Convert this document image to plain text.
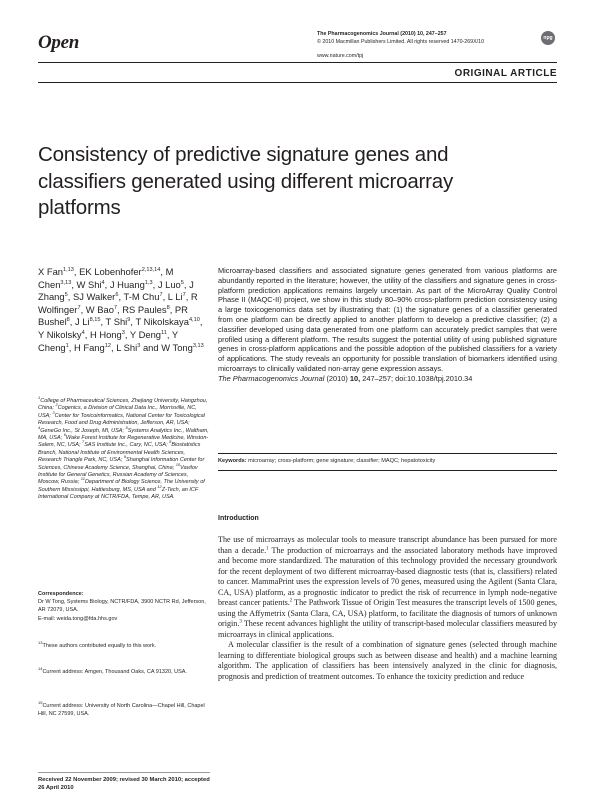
Open	The Pharmacogenomics Journal (2010) 10, 247–257
© 2010 Macmillan Publishers Limited. All rights reserved 1470-269X/10
www.nature.com/tpj
npg
ORIGINAL ARTICLE
Consistency of predictive signature genes and classifiers generated using different microarray platforms
X Fan$^{1,13}$, EK Lobenhofer$^{2,13,14}$, M Chen$^{3,13}$, W Shi$^4$, J Huang$^{1,3}$, J Luo$^5$, J Zhang$^5$, SJ Walker$^6$, T-M Chu$^7$, L Li$^7$, R Wolfinger$^7$, W Bao$^7$, RS Paules$^8$, PR Bushel$^8$, J Li$^{8,15}$, T Shi$^9$, T Nikolskaya$^{4,10}$, Y Nikolsky$^4$, H Hong$^3$, Y Deng$^{11}$, Y Cheng$^1$, H Fang$^{12}$, L Shi$^3$ and W Tong$^{3,13}$
$^1$College of Pharmaceutical Sciences, Zhejiang University, Hangzhou, China; $^2$Cogenics, a Division of Clinical Data Inc., Morrisville, NC, USA; $^3$Center for Toxicoinformatics, National Center for Toxicological Research, Food and Drug Administration, Jefferson, AR, USA; $^4$GeneGo Inc., St Joseph, MI, USA; $^5$Systems Analytics Inc., Waltham, MA, USA; $^6$Wake Forest Institute for Regenerative Medicine, Winston-Salem, NC, USA; $^7$SAS Institute Inc., Cary, NC, USA; $^8$Biostatistics Branch, National Institute of Environmental Health Sciences, Research Triangle Park, NC, USA; $^9$Shanghai Information Center for Sciences, Chinese Academy Science, Shanghai, China; $^{10}$Vavilov Institute for General Genetics, Russian Academy of Sciences, Moscow, Russia; $^{11}$Department of Biology Science, The University of Southern Mississippi, Hattiesburg, MS, USA and $^{12}$Z-Tech, an ICF International Company at NCTR/FDA, Tempe, AR, USA.
Correspondence:
Dr W Tong, Systems Biology, NCTR/FDA, 3900 NCTR Rd, Jefferson, AR 72079, USA.
E-mail: weida.tong@fda.hhs.gov
$^{13}$These authors contributed equally to this work.
$^{14}$Current address: Amgen, Thousand Oaks, CA 91320, USA.
$^{15}$Current address: University of North Carolina—Chapel Hill, Chapel Hill, NC 27599, USA.
Received 22 November 2009; revised 30 March 2010; accepted 26 April 2010
Microarray-based classifiers and associated signature genes generated from various platforms are abundantly reported in the literature; however, the utility of the classifiers and signature genes in cross-platform prediction applications remains largely uncertain. As part of the MicroArray Quality Control Phase II (MAQC-II) project, we show in this study 80–90% cross-platform prediction consistency using a large toxicogenomics data set by illustrating that: (1) the signature genes of a classifier generated from one platform can be directly applied to another platform to develop a predictive classifier; (2) a classifier developed using data generated from one platform can accurately predict samples that were profiled using a different platform. The results suggest the potential utility of using published signature genes in cross-platform applications and the possible adoption of the published classifiers for a variety of applications. The study reveals an opportunity for possible translation of biomarkers identified using microarrays to clinically validated non-array gene expression assays.
The Pharmacogenomics Journal (2010) 10, 247–257; doi:10.1038/tpj.2010.34
Keywords: microarray; cross-platform; gene signature; classifier; MAQC; hepatotoxicity
Introduction

The use of microarrays as molecular tools to measure transcript abundance has been pursued for more than a decade.$^1$ The production of microarrays and the associated laboratory methods have improved and become more standardized. The maturation of this technology provided the necessary groundwork for the recent deployment of two different microarray-based diagnostic tests (that is, classifiers) related to cancer. MammaPrint uses the expression levels of 70 genes, measured using the Agilent (Santa Clara, CA, USA) platform, as a prognostic indicator to predict the risk of recurrence in lymph node-negative breast cancer patients.$^2$ The Pathwork Tissue of Origin Test measures the transcript levels of 1500 genes, using the Affymetrix (Santa Clara, CA, USA) platform, to facilitate the diagnosis of tumors of unknown origin.$^3$ These recent advances highlight the utility of transcript-based molecular classifiers measured by microarrays in clinical applications.

A molecular classifier is the result of a combination of signature genes (selected through machine learning to differentiate biological groups such as between disease and health) and a machine learning algorithm. The application of classifiers has been intensively analyzed in the clinic for diagnosis, prognosis and prediction of treatment outcomes. To enhance the toxicity prediction and reduce
